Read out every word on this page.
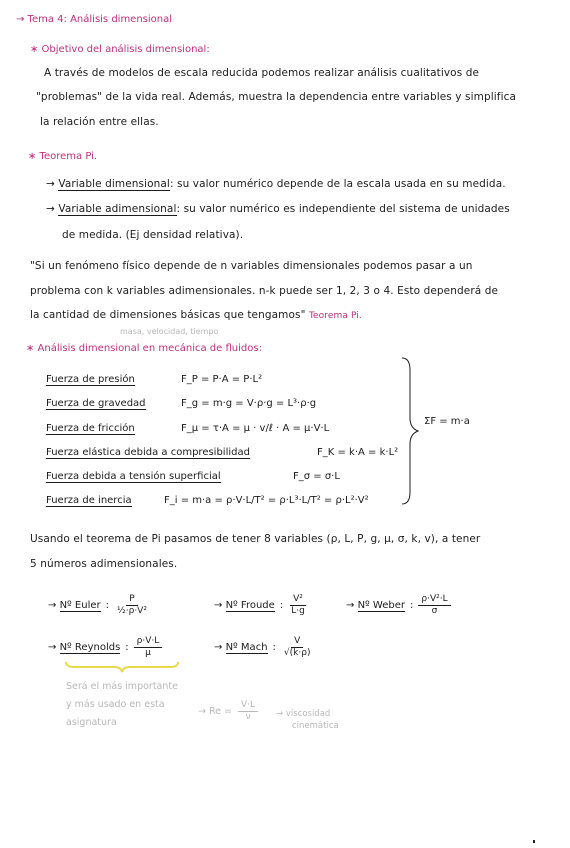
→ Tema 4: Análisis dimensional
∗ Objetivo del análisis dimensional:
A través de modelos de escala reducida podemos realizar análisis cualitativos de
"problemas" de la vida real. Además, muestra la dependencia entre variables y simplifica
la relación entre ellas.
∗ Teorema Pi.
→ Variable dimensional: su valor numérico depende de la escala usada en su medida.
→ Variable adimensional: su valor numérico es independiente del sistema de unidades
de medida. (Ej densidad relativa).
"Si un fenómeno físico depende de n variables dimensionales podemos pasar a un
problema con k variables adimensionales. n-k puede ser 1, 2, 3 o 4. Esto dependerá de
la cantidad de dimensiones básicas que tengamos" Teorema Pi.
masa, velocidad, tiempo
∗ Análisis dimensional en mecánica de fluidos:
Fuerza de presión	F_P = P·A = P·L²
Fuerza de gravedad	F_g = m·g = V·ρ·g = L³·ρ·g
Fuerza de fricción	F_μ = τ·A = μ · v/ℓ · A = μ·V·L
Fuerza elástica debida a compresibilidad	F_K = k·A = k·L²
Fuerza debida a tensión superficial	F_σ = σ·L
Fuerza de inercia	F_i = m·a = ρ·V·L/T² = ρ·L³·L/T² = ρ·L²·V²
ΣF = m·a
Usando el teorema de Pi pasamos de tener 8 variables (ρ, L, P, g, μ, σ, k, v), a tener
5 números adimensionales.
→ Nº Euler : $\frac{P}{\text{½·ρ·V²}}$	→ Nº Froude : $\frac{\text{V²}}{L\cdot g}$	→ Nº Weber : $\frac{\text{ρ·V²·L}}{\sigma}$
→ Nº Reynolds : $\frac{\rho\cdot V\cdot L}{\mu}$	→ Nº Mach : $\frac{V}{√(k\cdot\rho)}$
Será el más importante
y más usado en esta
asignatura
→ $Re = \frac{V\cdot L}{\nu}$ → viscosidad
cinemática
